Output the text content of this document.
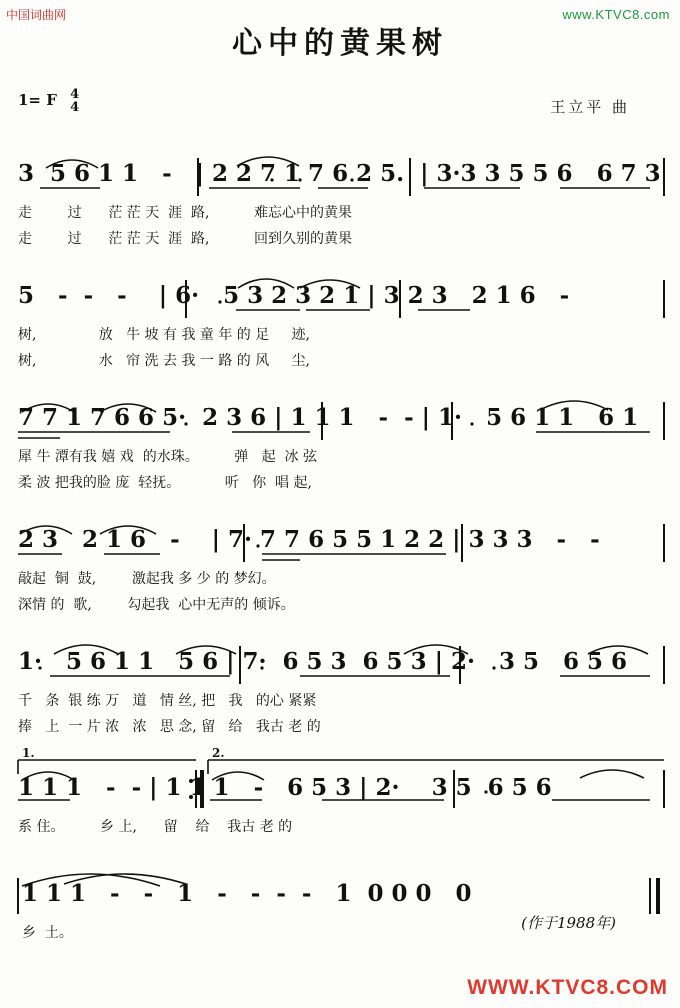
中国词曲网	www.KTVC8.com
心中的黄果树
1= F 4
4	王立平 曲
3  5 6 1 1   -   | 2 2 7 1 7 6 2 5.  | 3·3 3 5 5 6   6 7 3
走        过      茫 茫 天  涯  路,          难忘心中的黄果
走        过      茫 茫 天  涯  路,          回到久别的黄果
5   -  -   -    | 6·   5 3 2 3 2 1 | 3 2 3   2 1 6   -
树,              放   牛 坡 有 我 童 年 的 足     迹,
树,              水   帘 洗 去 我 一 路 的 风     尘,
7 7 1 7 6 6 5·  2 3 6 | 1 1 1   -  - | 1·   5 6 1 1   6 1
犀 牛 潭有我 嬉 戏  的水珠。        弹   起  冰 弦
柔 波 把我的脸 庞  轻抚。          听   你  唱 起,
2 3   2 1 6   -    | 7· 7 7 6 5 5 1 2 2 | 3 3 3   -   -
敲起  铜  鼓,        激起我 多 少 的 梦幻。
深情 的  歌,        勾起我  心中无声的 倾诉。
1·   5 6 1 1   5 6 | 7·  6 5 3  6 5 3 | 2·   3 5   6 5 6
千   条  银 练 万   道   情 丝, 把   我   的心 紧紧
捧   上  一 片 浓   浓   思 念, 留   给   我古 老 的
1.	2.
1 1 1   -  - | 1 1 1   -   6 5 3 | 2·    3 5  6 5 6
系 住。        乡 上,      留    给    我古 老 的
1 1 1   -   -   1   -   -  -  -   1  0 0 0   0
乡  土。
(作于1988年)
WWW.KTVC8.COM
